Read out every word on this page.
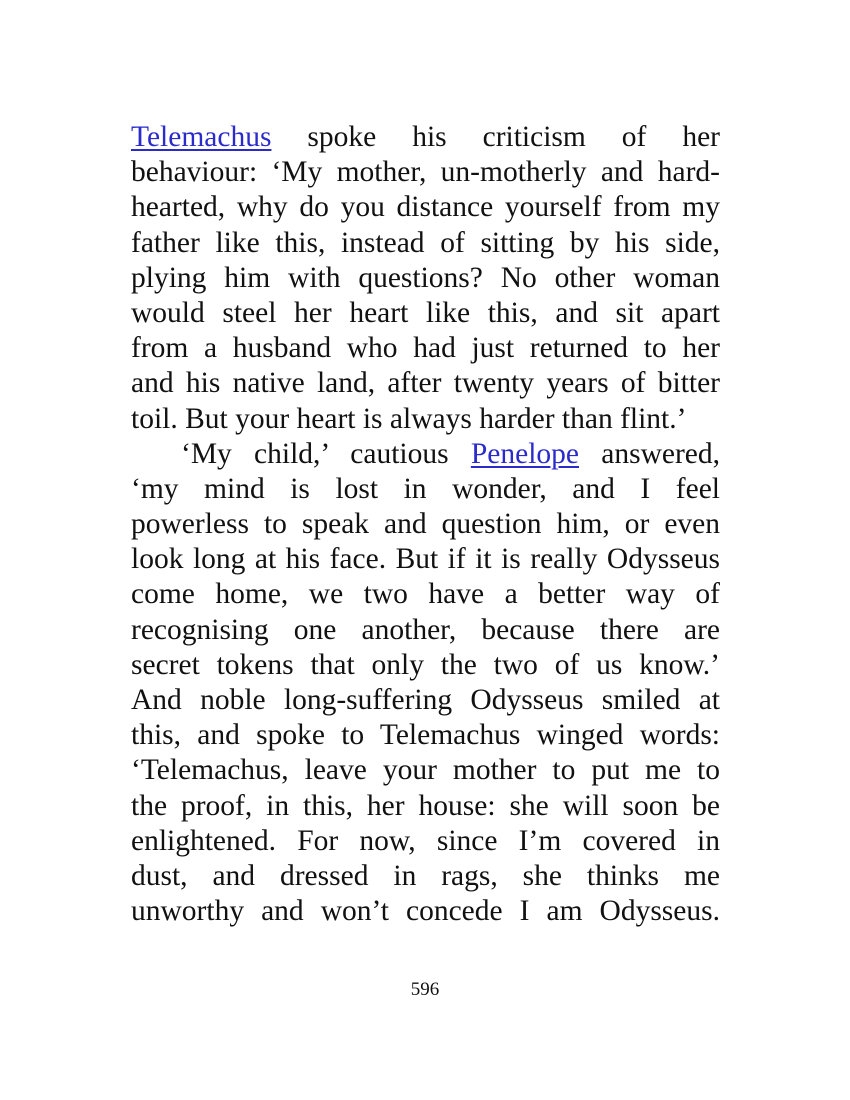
Telemachus spoke his criticism of her
behaviour: ‘My mother, un-motherly and hard-
hearted, why do you distance yourself from my
father like this, instead of sitting by his side,
plying him with questions? No other woman
would steel her heart like this, and sit apart
from a husband who had just returned to her
and his native land, after twenty years of bitter
toil. But your heart is always harder than flint.’
‘My child,’ cautious Penelope answered,
‘my mind is lost in wonder, and I feel
powerless to speak and question him, or even
look long at his face. But if it is really Odysseus
come home, we two have a better way of
recognising one another, because there are
secret tokens that only the two of us know.’
And noble long-suffering Odysseus smiled at
this, and spoke to Telemachus winged words:
‘Telemachus, leave your mother to put me to
the proof, in this, her house: she will soon be
enlightened. For now, since I’m covered in
dust, and dressed in rags, she thinks me
unworthy and won’t concede I am Odysseus.
596
